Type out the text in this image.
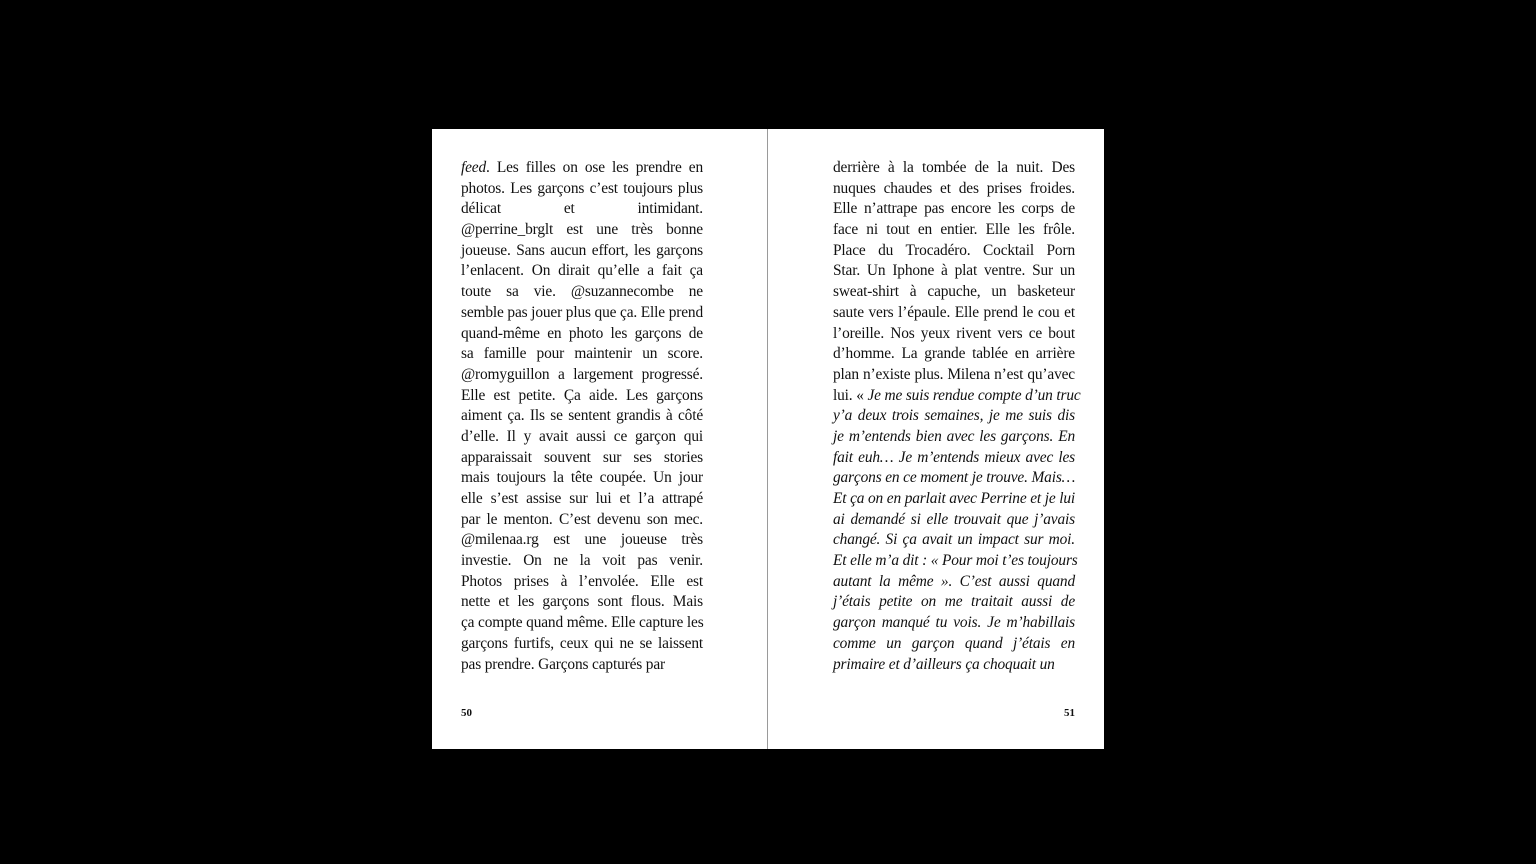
feed. Les filles on ose les prendre en
photos. Les garçons c’est toujours plus
délicat et intimidant.
@perrine_brglt est une très bonne
joueuse. Sans aucun effort, les garçons
l’enlacent. On dirait qu’elle a fait ça
toute sa vie. @suzannecombe ne
semble pas jouer plus que ça. Elle prend
quand-même en photo les garçons de
sa famille pour maintenir un score.
@romyguillon a largement progressé.
Elle est petite. Ça aide. Les garçons
aiment ça. Ils se sentent grandis à côté
d’elle. Il y avait aussi ce garçon qui
apparaissait souvent sur ses stories
mais toujours la tête coupée. Un jour
elle s’est assise sur lui et l’a attrapé
par le menton. C’est devenu son mec.
@milenaa.rg est une joueuse très
investie. On ne la voit pas venir.
Photos prises à l’envolée. Elle est
nette et les garçons sont flous. Mais
ça compte quand même. Elle capture les
garçons furtifs, ceux qui ne se laissent
pas prendre. Garçons capturés par
50
derrière à la tombée de la nuit. Des
nuques chaudes et des prises froides.
Elle n’attrape pas encore les corps de
face ni tout en entier. Elle les frôle.
Place du Trocadéro. Cocktail Porn
Star. Un Iphone à plat ventre. Sur un
sweat-shirt à capuche, un basketeur
saute vers l’épaule. Elle prend le cou et
l’oreille. Nos yeux rivent vers ce bout
d’homme. La grande tablée en arrière
plan n’existe plus. Milena n’est qu’avec
lui. « Je me suis rendue compte d’un truc
y’a deux trois semaines, je me suis dis
je m’entends bien avec les garçons. En
fait euh… Je m’entends mieux avec les
garçons en ce moment je trouve. Mais…
Et ça on en parlait avec Perrine et je lui
ai demandé si elle trouvait que j’avais
changé. Si ça avait un impact sur moi.
Et elle m’a dit : « Pour moi t’es toujours
autant la même ». C’est aussi quand
j’étais petite on me traitait aussi de
garçon manqué tu vois. Je m’habillais
comme un garçon quand j’étais en
primaire et d’ailleurs ça choquait un
51
